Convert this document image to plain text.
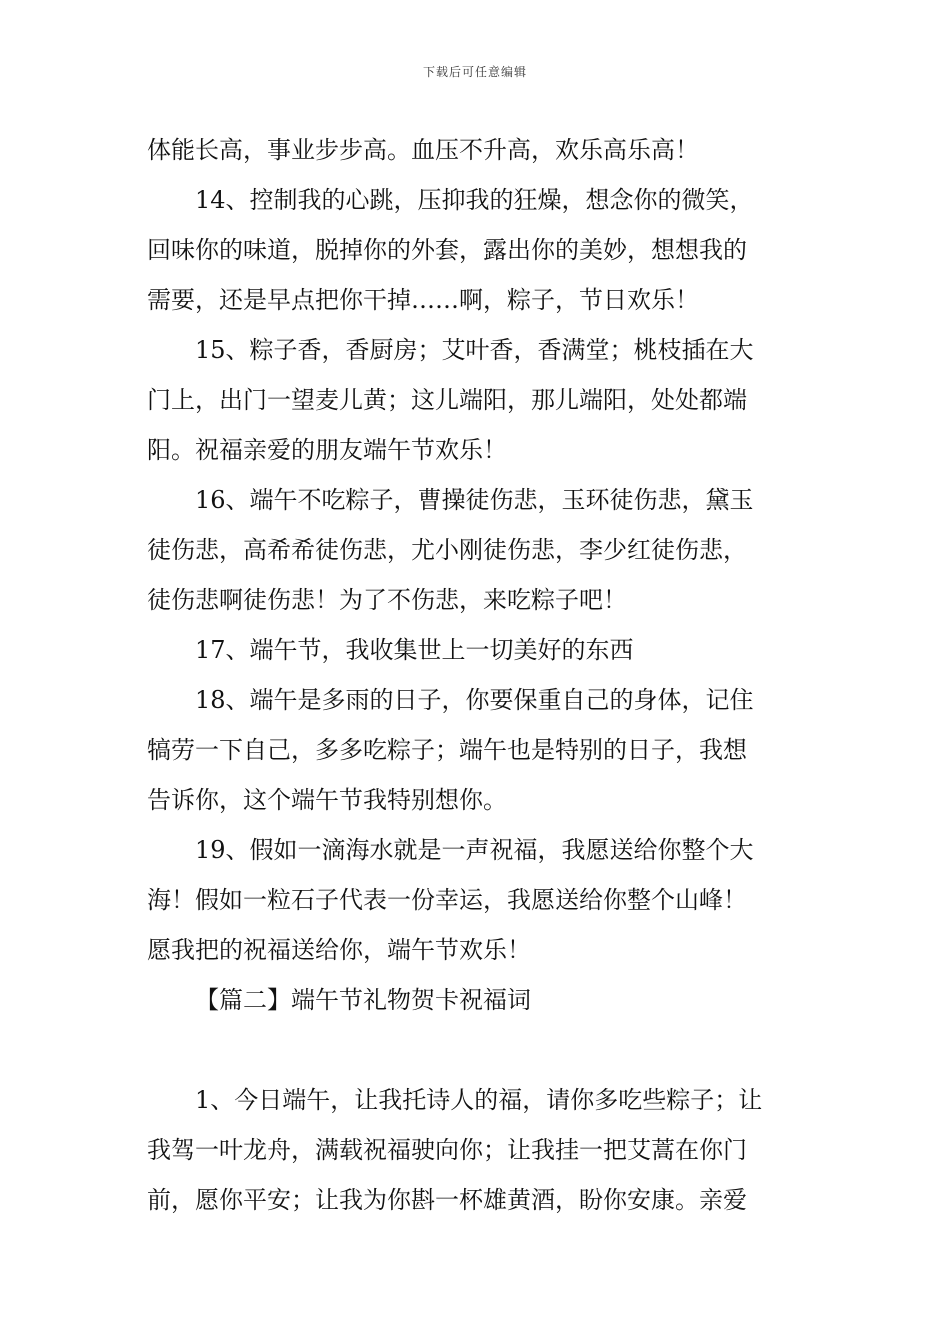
下载后可任意编辑
体能长高，事业步步高。血压不升高，欢乐高乐高！
14、控制我的心跳，压抑我的狂燥，想念你的微笑，
回味你的味道，脱掉你的外套，露出你的美妙，想想我的
需要，还是早点把你干掉……啊，粽子，节日欢乐！
15、粽子香，香厨房；艾叶香，香满堂；桃枝插在大
门上，出门一望麦儿黄；这儿端阳，那儿端阳，处处都端
阳。祝福亲爱的朋友端午节欢乐！
16、端午不吃粽子，曹操徒伤悲，玉环徒伤悲，黛玉
徒伤悲，高希希徒伤悲，尤小刚徒伤悲，李少红徒伤悲，
徒伤悲啊徒伤悲！为了不伤悲，来吃粽子吧！
17、端午节，我收集世上一切美好的东西
18、端午是多雨的日子，你要保重自己的身体，记住
犒劳一下自己，多多吃粽子；端午也是特别的日子，我想
告诉你，这个端午节我特别想你。
19、假如一滴海水就是一声祝福，我愿送给你整个大
海！假如一粒石子代表一份幸运，我愿送给你整个山峰！
愿我把的祝福送给你，端午节欢乐！
【篇二】端午节礼物贺卡祝福词
1、今日端午，让我托诗人的福，请你多吃些粽子；让
我驾一叶龙舟，满载祝福驶向你；让我挂一把艾蒿在你门
前，愿你平安；让我为你斟一杯雄黄酒，盼你安康。亲爱
